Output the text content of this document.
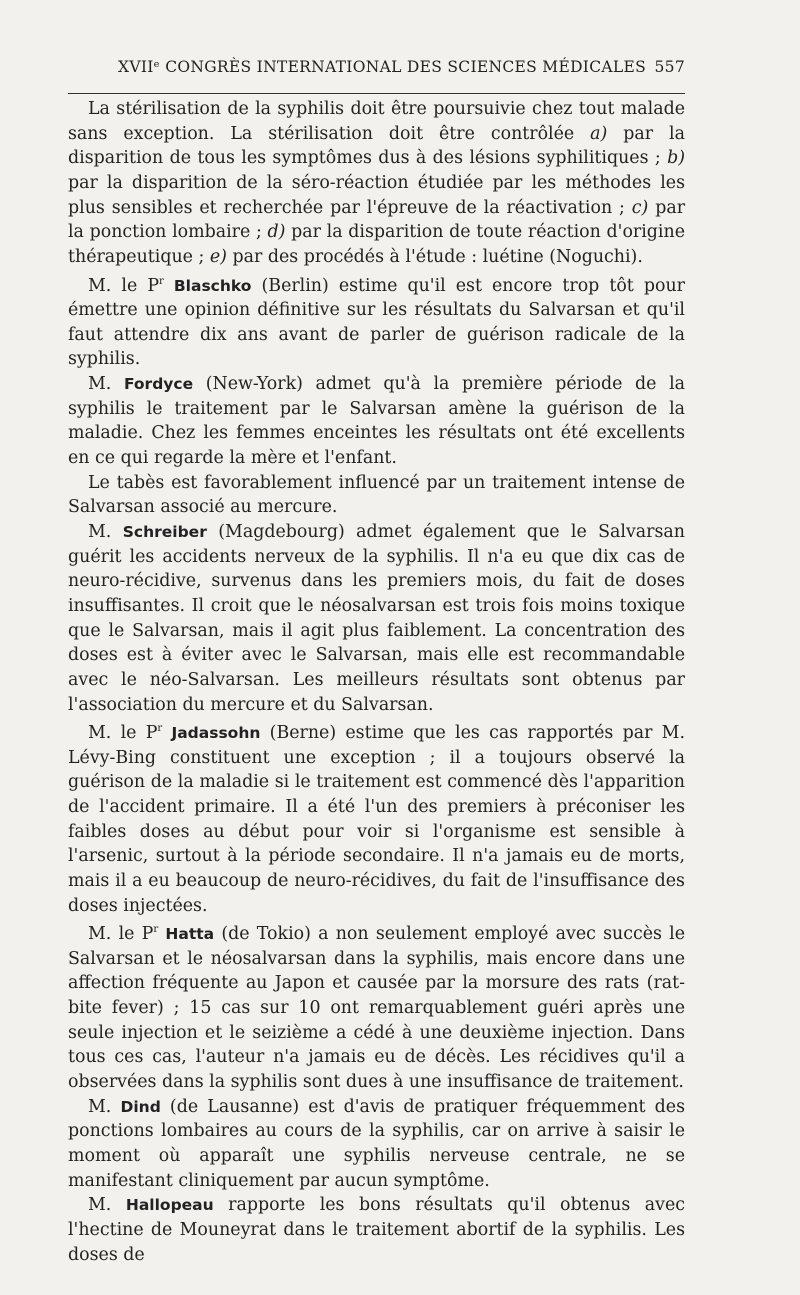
XVIIᵉ CONGRÈS INTERNATIONAL DES SCIENCES MÉDICALES 557

La stérilisation de la syphilis doit être poursuivie chez tout malade sans exception. La stérilisation doit être contrôlée a) par la disparition de tous les symptômes dus à des lésions syphilitiques ; b) par la disparition de la séro-réaction étudiée par les méthodes les plus sensibles et recherchée par l'épreuve de la réactivation ; c) par la ponction lombaire ; d) par la disparition de toute réaction d'origine thérapeutique ; e) par des procédés à l'étude : luétine (Noguchi).

M. le $P^r$ Blaschko (Berlin) estime qu'il est encore trop tôt pour émettre une opinion définitive sur les résultats du Salvarsan et qu'il faut attendre dix ans avant de parler de guérison radicale de la syphilis.

M. Fordyce (New-York) admet qu'à la première période de la syphilis le traitement par le Salvarsan amène la guérison de la maladie. Chez les femmes enceintes les résultats ont été excellents en ce qui regarde la mère et l'enfant.

Le tabès est favorablement influencé par un traitement intense de Salvarsan associé au mercure.

M. Schreiber (Magdebourg) admet également que le Salvarsan guérit les accidents nerveux de la syphilis. Il n'a eu que dix cas de neuro-récidive, survenus dans les premiers mois, du fait de doses insuffisantes. Il croit que le néosalvarsan est trois fois moins toxique que le Salvarsan, mais il agit plus faiblement. La concentration des doses est à éviter avec le Salvarsan, mais elle est recommandable avec le néo-Salvarsan. Les meilleurs résultats sont obtenus par l'association du mercure et du Salvarsan.

M. le $P^r$ Jadassohn (Berne) estime que les cas rapportés par M. Lévy-Bing constituent une exception ; il a toujours observé la guérison de la maladie si le traitement est commencé dès l'apparition de l'accident primaire. Il a été l'un des premiers à préconiser les faibles doses au début pour voir si l'organisme est sensible à l'arsenic, surtout à la période secondaire. Il n'a jamais eu de morts, mais il a eu beaucoup de neuro-récidives, du fait de l'insuffisance des doses injectées.

M. le $P^r$ Hatta (de Tokio) a non seulement employé avec succès le Salvarsan et le néosalvarsan dans la syphilis, mais encore dans une affection fréquente au Japon et causée par la morsure des rats (rat-bite fever) ; 15 cas sur 10 ont remarquablement guéri après une seule injection et le seizième a cédé à une deuxième injection. Dans tous ces cas, l'auteur n'a jamais eu de décès. Les récidives qu'il a observées dans la syphilis sont dues à une insuffisance de traitement.

M. Dind (de Lausanne) est d'avis de pratiquer fréquemment des ponctions lombaires au cours de la syphilis, car on arrive à saisir le moment où apparaît une syphilis nerveuse centrale, ne se manifestant cliniquement par aucun symptôme.

M. Hallopeau rapporte les bons résultats qu'il obtenus avec l'hectine de Mouneyrat dans le traitement abortif de la syphilis. Les doses de
